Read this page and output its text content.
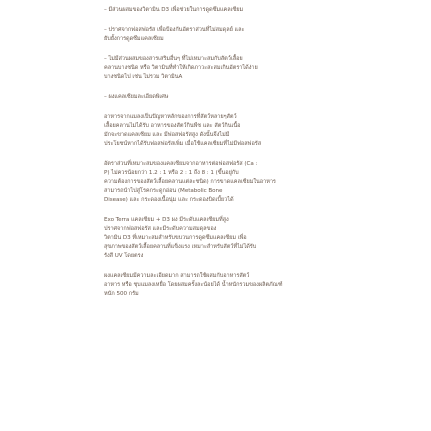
– มีส่วนผสมของวิตามิน D3 เพื่อช่วยในการดูดซึมแคลเซียม

– ปราศจากฟอสฟอรัส เพื่อป้องกันอัตราส่วนที่ไม่สมดุลย์ และ
ยับยั้งการดูดซึมแคลเซียม

– ไม่มีส่วนผสมของสารเสริมอื่นๆ ที่ไม่เหมาะสมกับสัตว์เลื้อย
คลานบางชนิด หรือ วิตามินที่ทำให้เกิดภาวะสะสมเกินอัตราได้ง่าย
บางชนิดไป เช่น ไม่รวม วิตามินA

– ผงแคลเซียมละเอียดพิเศษ

อาหารจากแมลงเป็นปัญหาหลักของการที่สัตว์หลายๆสัตว์
เลื้อยคลานไม่ได้รับ อาหารของสัตว์กินพืช และ สัตว์กินเนื้อ
มักจะขาดแคลเซียม และ มีฟอสฟอรัสสูง ดังนั้นจึงไม่มี
ประโยชน์หากได้รับฟอสฟอรัสเพิ่ม เมื่อใช้แคลเซียมที่ไม่มีฟอสฟอรัส

อัตราส่วนที่เหมาะสมของแคลเซียมจากอาหารต่อฟอสฟอรัส (Ca :
P) ไม่ควรน้อยกว่า 1.2 : 1 หรือ 2 : 1 ถึง 8 : 1 (ขึ้นอยู่กับ
ความต้องการของสัตว์เลื้อยคลานแต่ละชนิด) การขาดแคลเซียมในอาหาร
สามารถนำไปสู่โรคกระดูกอ่อน (Metabolic Bone
Disease) และ กระดองเนื้อนุ่ม และ กระดองบิดเบี้ยวได้

Exo Terra แคลเซียม + D3 ผง มีระดับแคลเซียมที่สูง
ปราศจากฟอสฟอรัส และมีระดับความสมดุลของ
วิตามิน D3 ที่เหมาะสมสำหรับขบวนการดูดซึมแคลเซียม เพื่อ
สุขภาพของสัตว์เลื้อยคลานที่แข็งแรง เหมาะสำหรับสัตว์ที่ไม่ได้รับ
รังสี UV โดยตรง

ผงแคลเซียมมีความละเอียดมาก สามารถใช้ผสมกับอาหารสัตว์
อาหาร หรือ ชุบแมลงเหยื่อ โดยผสมครั้งละน้อยได้ น้ำหนักรวมของผลิตภัณฑ์
หนัก 500 กรัม
